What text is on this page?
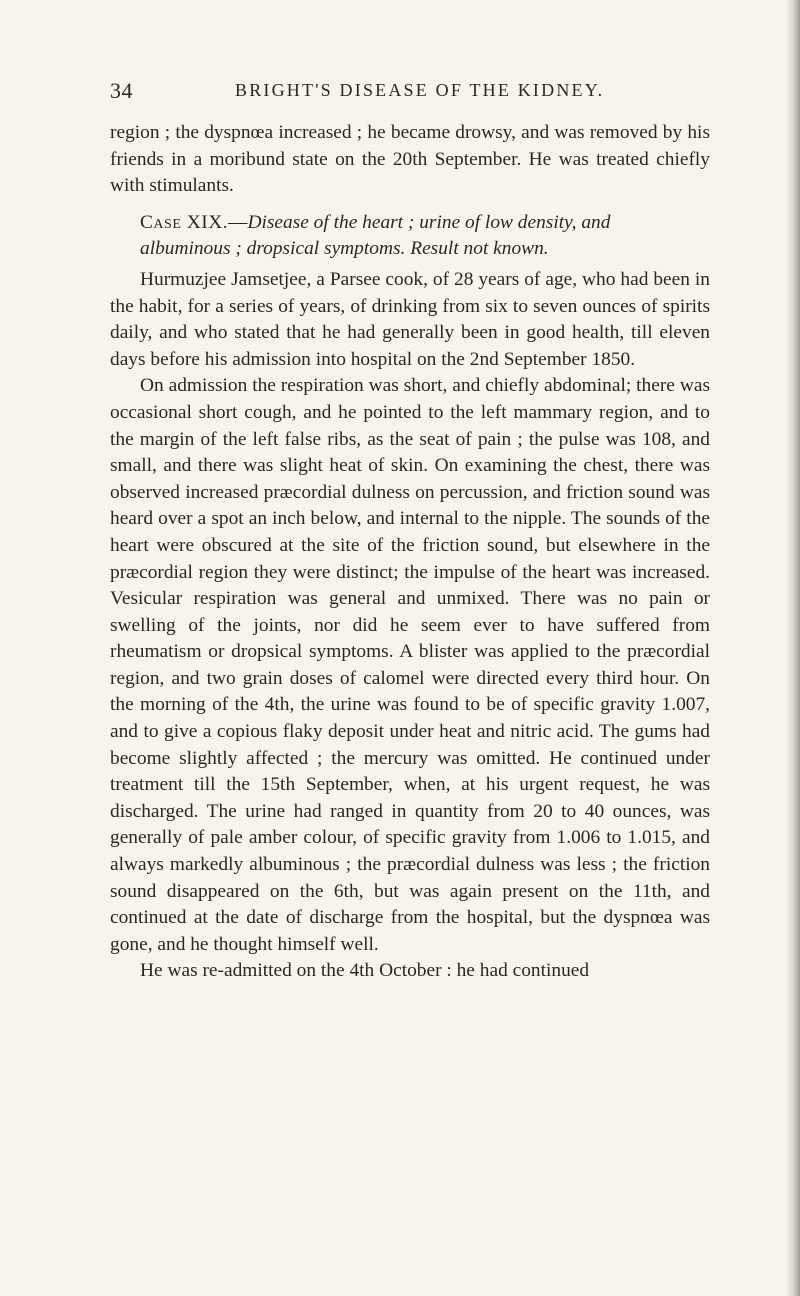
34	BRIGHT'S DISEASE OF THE KIDNEY.

region ; the dyspnœa increased ; he became drowsy, and was removed by his friends in a moribund state on the 20th September. He was treated chiefly with stimulants.

Case XIX.—Disease of the heart ; urine of low density, and
albuminous ; dropsical symptoms. Result not known.

Hurmuzjee Jamsetjee, a Parsee cook, of 28 years of age, who had been in the habit, for a series of years, of drinking from six to seven ounces of spirits daily, and who stated that he had generally been in good health, till eleven days before his admission into hospital on the 2nd September 1850.

On admission the respiration was short, and chiefly abdominal; there was occasional short cough, and he pointed to the left mammary region, and to the margin of the left false ribs, as the seat of pain ; the pulse was 108, and small, and there was slight heat of skin. On examining the chest, there was observed increased præcordial dulness on percussion, and friction sound was heard over a spot an inch below, and internal to the nipple. The sounds of the heart were obscured at the site of the friction sound, but elsewhere in the præcordial region they were distinct; the impulse of the heart was increased. Vesicular respiration was general and unmixed. There was no pain or swelling of the joints, nor did he seem ever to have suffered from rheumatism or dropsical symptoms. A blister was applied to the præcordial region, and two grain doses of calomel were directed every third hour. On the morning of the 4th, the urine was found to be of specific gravity 1.007, and to give a copious flaky deposit under heat and nitric acid. The gums had become slightly affected ; the mercury was omitted. He continued under treatment till the 15th September, when, at his urgent request, he was discharged. The urine had ranged in quantity from 20 to 40 ounces, was generally of pale amber colour, of specific gravity from 1.006 to 1.015, and always markedly albuminous ; the præcordial dulness was less ; the friction sound disappeared on the 6th, but was again present on the 11th, and continued at the date of discharge from the hospital, but the dyspnœa was gone, and he thought himself well.

He was re-admitted on the 4th October : he had continued
